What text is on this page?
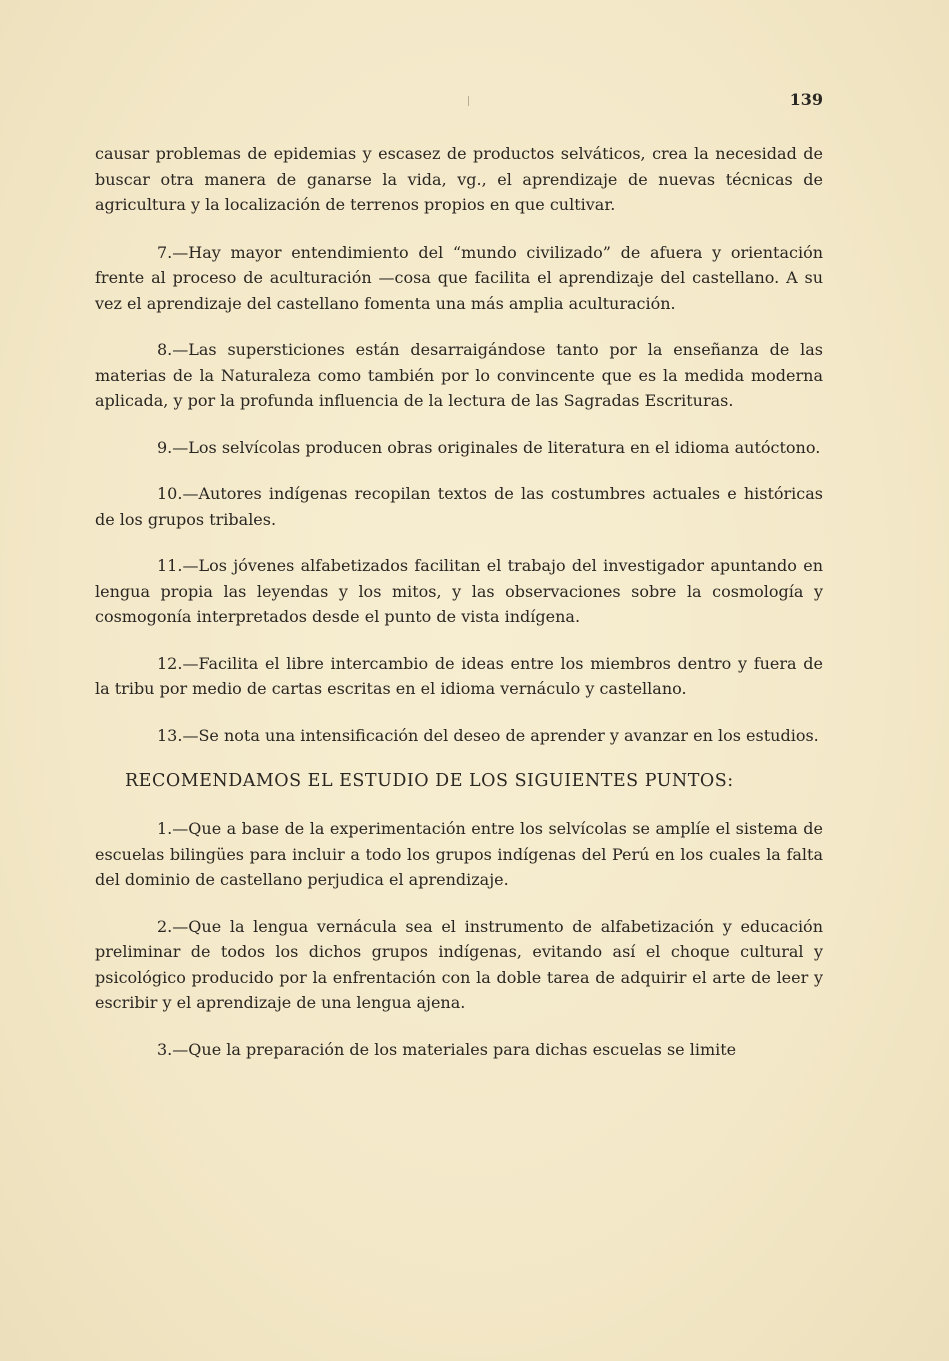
139

causar problemas de epidemias y escasez de productos selváticos, crea la necesidad de buscar otra manera de ganarse la vida, vg., el aprendizaje de nuevas técnicas de agricultura y la localización de terrenos propios en que cultivar.

7.—Hay mayor entendimiento del “mundo civilizado” de afuera y orientación frente al proceso de aculturación —cosa que facilita el aprendizaje del castellano. A su vez el aprendizaje del castellano fomenta una más amplia aculturación.

8.—Las supersticiones están desarraigándose tanto por la enseñanza de las materias de la Naturaleza como también por lo convincente que es la medida moderna aplicada, y por la profunda influencia de la lectura de las Sagradas Escrituras.

9.—Los selvícolas producen obras originales de literatura en el idioma autóctono.

10.—Autores indígenas recopilan textos de las costumbres actuales e históricas de los grupos tribales.

11.—Los jóvenes alfabetizados facilitan el trabajo del investigador apuntando en lengua propia las leyendas y los mitos, y las observaciones sobre la cosmología y cosmogonía interpretados desde el punto de vista indígena.

12.—Facilita el libre intercambio de ideas entre los miembros dentro y fuera de la tribu por medio de cartas escritas en el idioma vernáculo y castellano.

13.—Se nota una intensificación del deseo de aprender y avanzar en los estudios.

RECOMENDAMOS EL ESTUDIO DE LOS SIGUIENTES PUNTOS:

1.—Que a base de la experimentación entre los selvícolas se amplíe el sistema de escuelas bilingües para incluir a todo los grupos indígenas del Perú en los cuales la falta del dominio de castellano perjudica el aprendizaje.

2.—Que la lengua vernácula sea el instrumento de alfabetización y educación preliminar de todos los dichos grupos indígenas, evitando así el choque cultural y psicológico producido por la enfrentación con la doble tarea de adquirir el arte de leer y escribir y el aprendizaje de una lengua ajena.

3.—Que la preparación de los materiales para dichas escuelas se limite
